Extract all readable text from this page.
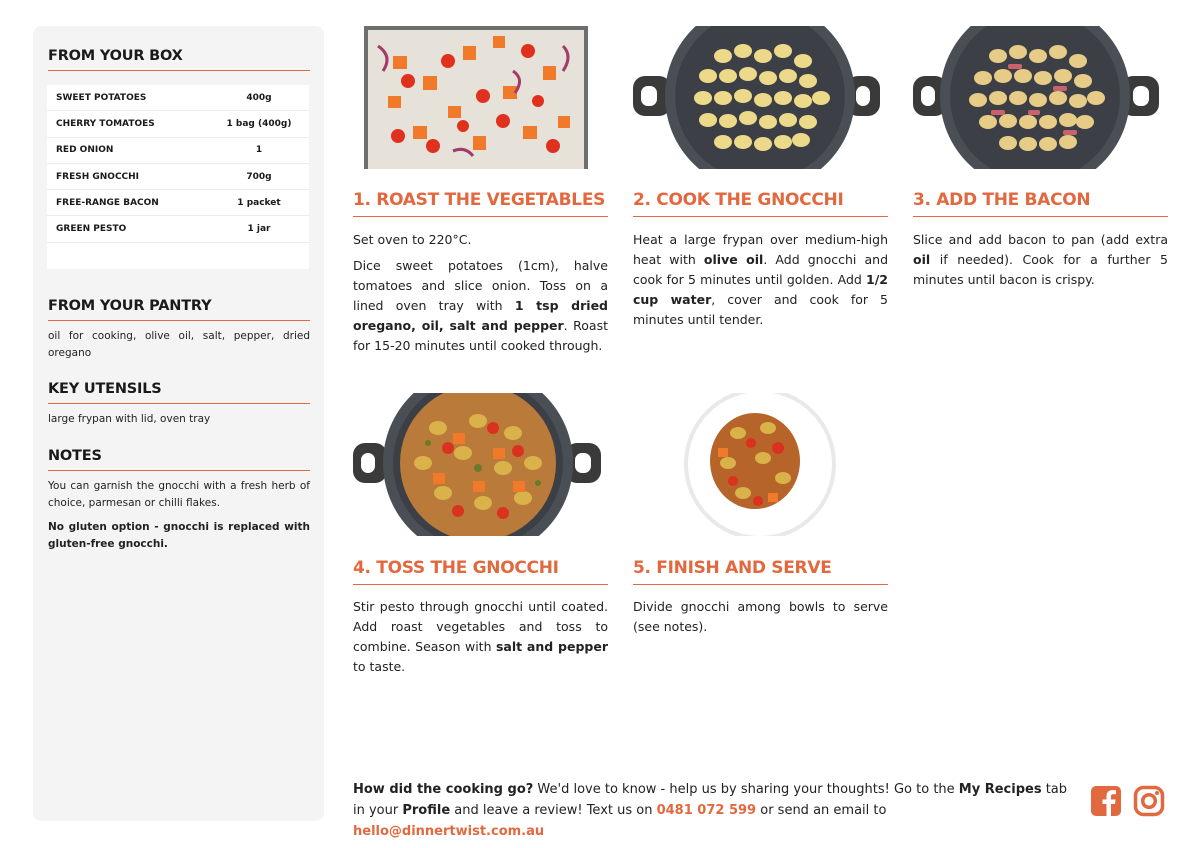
FROM YOUR BOX
SWEET POTATOES	400g
CHERRY TOMATOES	1 bag (400g)
RED ONION	1
FRESH GNOCCHI	700g
FREE-RANGE BACON	1 packet
GREEN PESTO	1 jar
FROM YOUR PANTRY
oil for cooking, olive oil, salt, pepper, dried oregano
KEY UTENSILS
large frypan with lid, oven tray
NOTES
You can garnish the gnocchi with a fresh herb of choice, parmesan or chilli flakes.
No gluten option - gnocchi is replaced with gluten-free gnocchi.
1. ROAST THE VEGETABLES

Set oven to 220°C.

Dice sweet potatoes (1cm), halve tomatoes and slice onion. Toss on a lined oven tray with 1 tsp dried oregano, oil, salt and pepper. Roast for 15-20 minutes until cooked through.

2. COOK THE GNOCCHI

Heat a large frypan over medium-high heat with olive oil. Add gnocchi and cook for 5 minutes until golden. Add 1/2 cup water, cover and cook for 5 minutes until tender.

3. ADD THE BACON

Slice and add bacon to pan (add extra oil if needed). Cook for a further 5 minutes until bacon is crispy.

4. TOSS THE GNOCCHI

Stir pesto through gnocchi until coated. Add roast vegetables and toss to combine. Season with salt and pepper to taste.

5. FINISH AND SERVE

Divide gnocchi among bowls to serve (see notes).

How did the cooking go? We'd love to know - help us by sharing your thoughts! Go to the My Recipes tab in your Profile and leave a review! Text us on 0481 072 599 or send an email to hello@dinnertwist.com.au
